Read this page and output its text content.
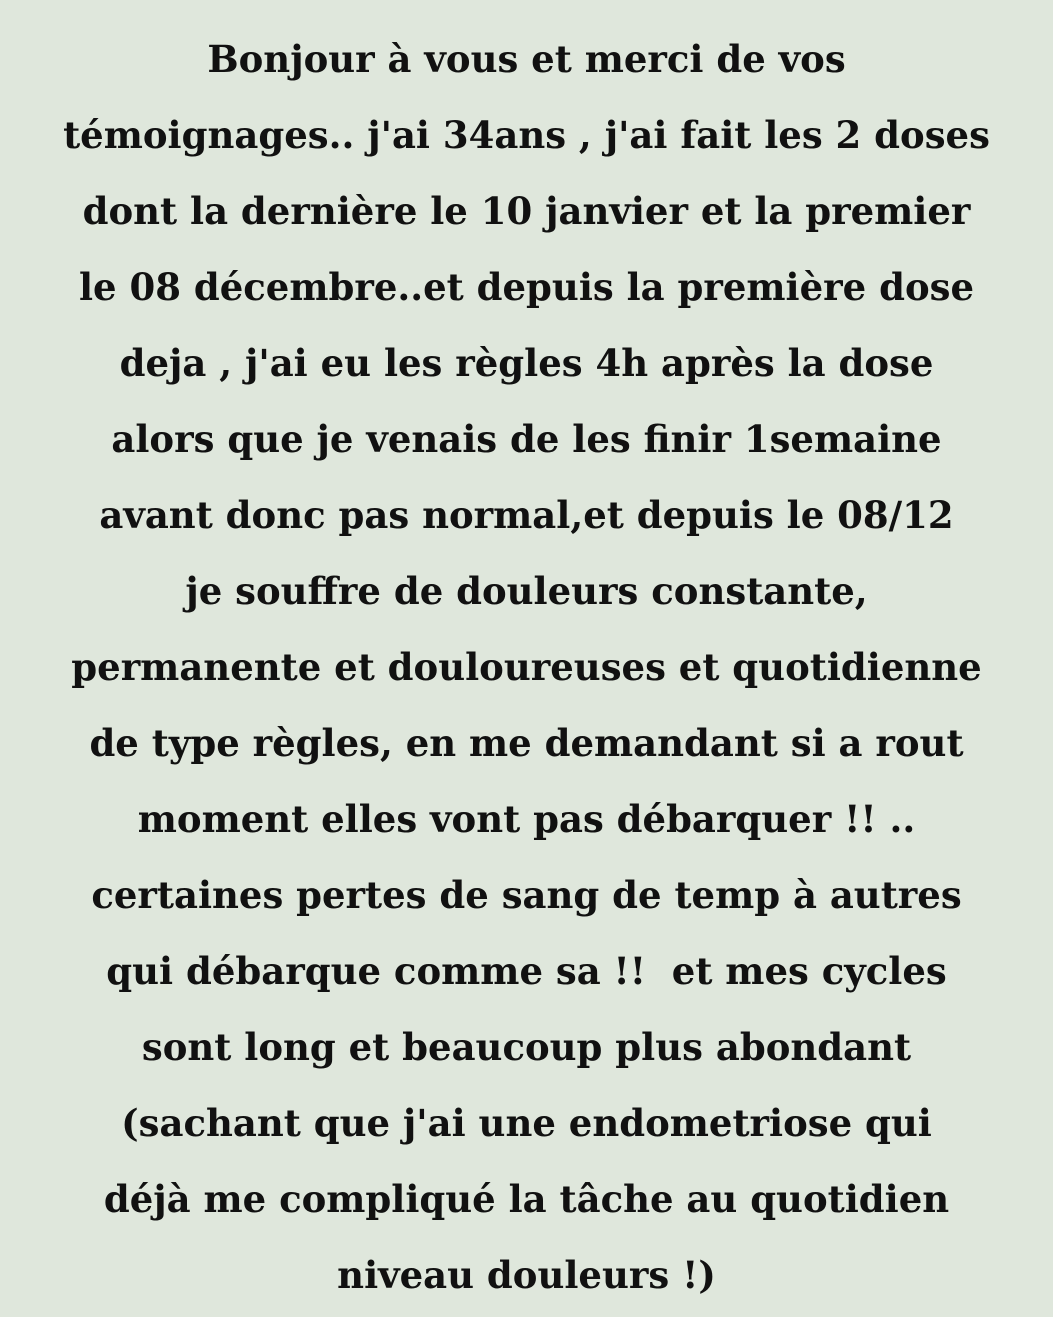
Bonjour à vous et merci de vos
témoignages.. j'ai 34ans , j'ai fait les 2 doses
dont la dernière le 10 janvier et la premier
le 08 décembre..et depuis la première dose
deja , j'ai eu les règles 4h après la dose
alors que je venais de les finir 1semaine
avant donc pas normal,et depuis le 08/12
je souffre de douleurs constante,
permanente et douloureuses et quotidienne
de type règles, en me demandant si a rout
moment elles vont pas débarquer !! ..
certaines pertes de sang de temp à autres
qui débarque comme sa !!  et mes cycles
sont long et beaucoup plus abondant
(sachant que j'ai une endometriose qui
déjà me compliqué la tâche au quotidien
niveau douleurs !)
